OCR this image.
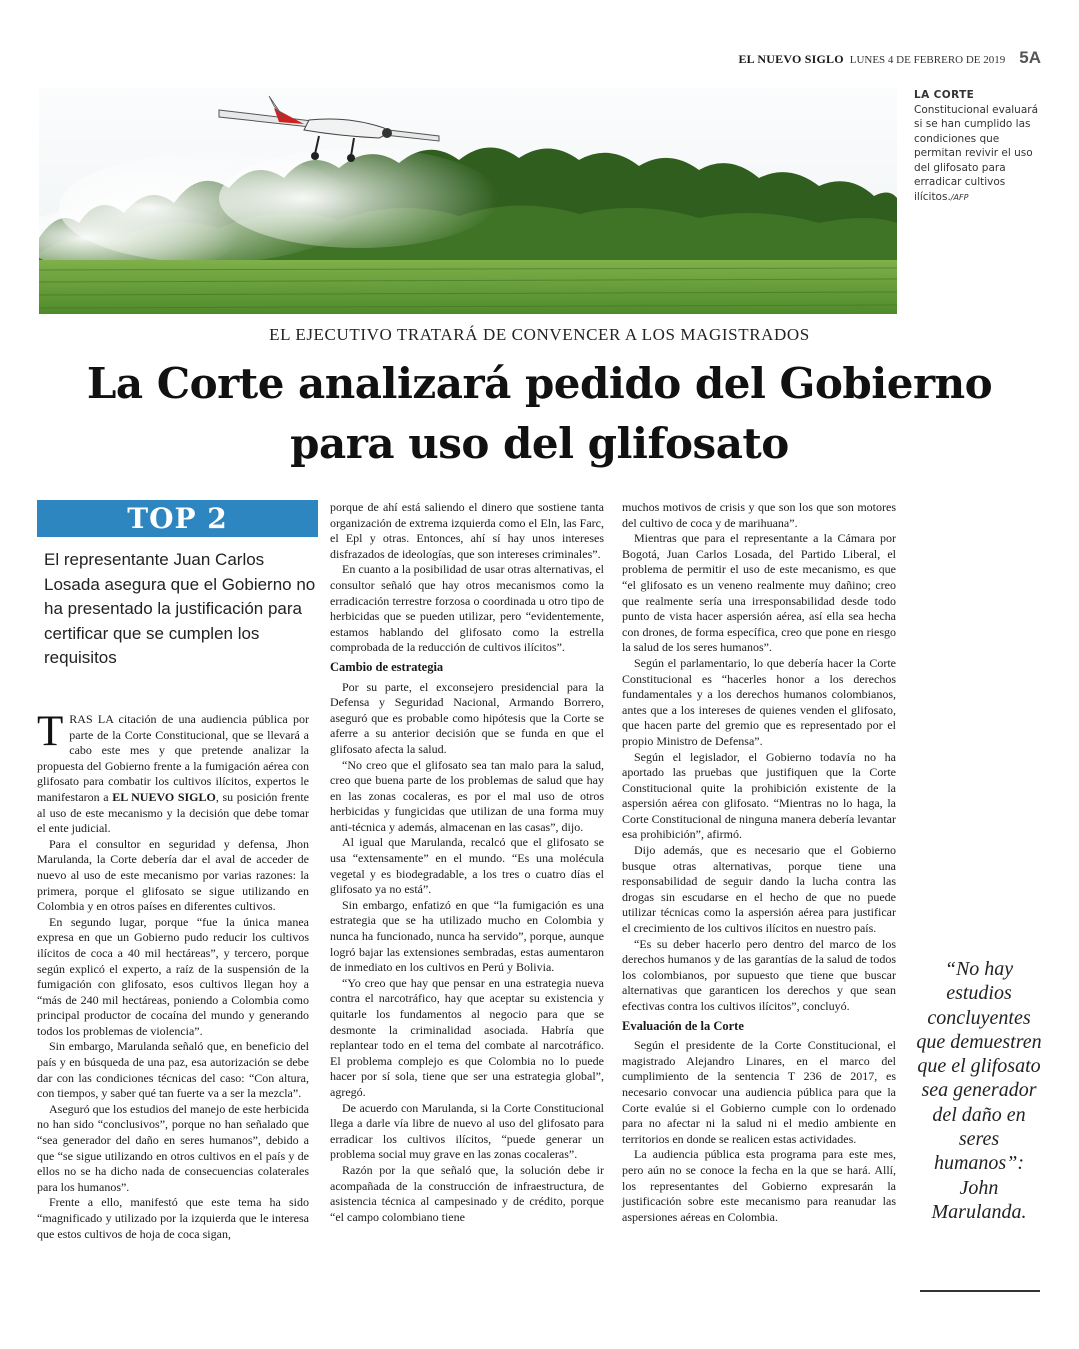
EL NUEVO SIGLO LUNES 4 DE FEBRERO DE 2019 5A
LA CORTE
Constitucional evaluará si se han cumplido las condiciones que permitan revivir el uso del glifosato para erradicar cultivos ilícitos./AFP
EL EJECUTIVO TRATARÁ DE CONVENCER A LOS MAGISTRADOS
La Corte analizará pedido del Gobierno
para uso del glifosato
TOP 2
El representante Juan Carlos Losada asegura que el Gobierno no ha presentado la justificación para certificar que se cumplen los requisitos

TRAS LA citación de una audiencia pública por parte de la Corte Constitucional, que se llevará a cabo este mes y que pretende analizar la propuesta del Gobierno frente a la fumigación aérea con glifosato para combatir los cultivos ilícitos, expertos le manifestaron a EL NUEVO SIGLO, su posición frente al uso de este mecanismo y la decisión que debe tomar el ente judicial.

Para el consultor en seguridad y defensa, Jhon Marulanda, la Corte debería dar el aval de acceder de nuevo al uso de este mecanismo por varias razones: la primera, porque el glifosato se sigue utilizando en Colombia y en otros países en diferentes cultivos.

En segundo lugar, porque “fue la única manea expresa en que un Gobierno pudo reducir los cultivos ilícitos de coca a 40 mil hectáreas”, y tercero, porque según explicó el experto, a raíz de la suspensión de la fumigación con glifosato, esos cultivos llegan hoy a “más de 240 mil hectáreas, poniendo a Colombia como principal productor de cocaína del mundo y generando todos los problemas de violencia”.

Sin embargo, Marulanda señaló que, en beneficio del país y en búsqueda de una paz, esa autorización se debe dar con las condiciones técnicas del caso: “Con altura, con tiempos, y saber qué tan fuerte va a ser la mezcla”.

Aseguró que los estudios del manejo de este herbicida no han sido “conclusivos”, porque no han señalado que “sea generador del daño en seres humanos”, debido a que “se sigue utilizando en otros cultivos en el país y de ellos no se ha dicho nada de consecuencias colaterales para los humanos”.

Frente a ello, manifestó que este tema ha sido “magnificado y utilizado por la izquierda que le interesa que estos cultivos de hoja de coca sigan,

porque de ahí está saliendo el dinero que sostiene tanta organización de extrema izquierda como el Eln, las Farc, el Epl y otras. Entonces, ahí sí hay unos intereses disfrazados de ideologías, que son intereses criminales”.

En cuanto a la posibilidad de usar otras alternativas, el consultor señaló que hay otros mecanismos como la erradicación terrestre forzosa o coordinada u otro tipo de herbicidas que se pueden utilizar, pero “evidentemente, estamos hablando del glifosato como la estrella comprobada de la reducción de cultivos ilícitos”.

Cambio de estrategia

Por su parte, el exconsejero presidencial para la Defensa y Seguridad Nacional, Armando Borrero, aseguró que es probable como hipótesis que la Corte se aferre a su anterior decisión que se funda en que el glifosato afecta la salud.

“No creo que el glifosato sea tan malo para la salud, creo que buena parte de los problemas de salud que hay en las zonas cocaleras, es por el mal uso de otros herbicidas y fungicidas que utilizan de una forma muy anti-técnica y además, almacenan en las casas”, dijo.

Al igual que Marulanda, recalcó que el glifosato se usa “extensamente” en el mundo. “Es una molécula vegetal y es biodegradable, a los tres o cuatro días el glifosato ya no está”.

Sin embargo, enfatizó en que “la fumigación es una estrategia que se ha utilizado mucho en Colombia y nunca ha funcionado, nunca ha servido”, porque, aunque logró bajar las extensiones sembradas, estas aumentaron de inmediato en los cultivos en Perú y Bolivia.

“Yo creo que hay que pensar en una estrategia nueva contra el narcotráfico, hay que aceptar su existencia y quitarle los fundamentos al negocio para que se desmonte la criminalidad asociada. Habría que replantear todo en el tema del combate al narcotráfico. El problema complejo es que Colombia no lo puede hacer por sí sola, tiene que ser una estrategia global”, agregó.

De acuerdo con Marulanda, si la Corte Constitucional llega a darle vía libre de nuevo al uso del glifosato para erradicar los cultivos ilícitos, “puede generar un problema social muy grave en las zonas cocaleras”.

Razón por la que señaló que, la solución debe ir acompañada de la construcción de infraestructura, de asistencia técnica al campesinado y de crédito, porque “el campo colombiano tiene

muchos motivos de crisis y que son los que son motores del cultivo de coca y de marihuana”.

Mientras que para el representante a la Cámara por Bogotá, Juan Carlos Losada, del Partido Liberal, el problema de permitir el uso de este mecanismo, es que “el glifosato es un veneno realmente muy dañino; creo que realmente sería una irresponsabilidad desde todo punto de vista hacer aspersión aérea, así ella sea hecha con drones, de forma específica, creo que pone en riesgo la salud de los seres humanos”.

Según el parlamentario, lo que debería hacer la Corte Constitucional es “hacerles honor a los derechos fundamentales y a los derechos humanos colombianos, antes que a los intereses de quienes venden el glifosato, que hacen parte del gremio que es representado por el propio Ministro de Defensa”.

Según el legislador, el Gobierno todavía no ha aportado las pruebas que justifiquen que la Corte Constitucional quite la prohibición existente de la aspersión aérea con glifosato. “Mientras no lo haga, la Corte Constitucional de ninguna manera debería levantar esa prohibición”, afirmó.

Dijo además, que es necesario que el Gobierno busque otras alternativas, porque tiene una responsabilidad de seguir dando la lucha contra las drogas sin escudarse en el hecho de que no puede utilizar técnicas como la aspersión aérea para justificar el crecimiento de los cultivos ilícitos en nuestro país.

“Es su deber hacerlo pero dentro del marco de los derechos humanos y de las garantías de la salud de todos los colombianos, por supuesto que tiene que buscar alternativas que garanticen los derechos y que sean efectivas contra los cultivos ilícitos”, concluyó.

Evaluación de la Corte

Según el presidente de la Corte Constitucional, el magistrado Alejandro Linares, en el marco del cumplimiento de la sentencia T 236 de 2017, es necesario convocar una audiencia pública para que la Corte evalúe si el Gobierno cumple con lo ordenado para no afectar ni la salud ni el medio ambiente en territorios en donde se realicen estas actividades.

La audiencia pública esta programa para este mes, pero aún no se conoce la fecha en la que se hará. Allí, los representantes del Gobierno expresarán la justificación sobre este mecanismo para reanudar las aspersiones aéreas en Colombia.

“No hay estudios concluyentes que demuestren que el glifosato sea generador del daño en seres humanos”: John Marulanda.
